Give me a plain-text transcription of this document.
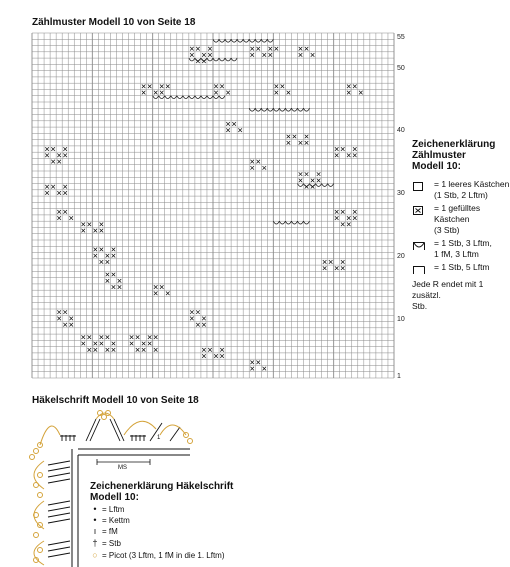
Zählmuster Modell 10 von Seite 18
55
50
40
30
20
10
1
Zeichenerklärung
Zählmuster
Modell 10:
= 1 leeres Kästchen
(1 Stb, 2 Lftm)
= 1 gefülltes Kästchen
(3 Stb)
= 1 Stb, 3 Lftm,
1 fM, 3 Lftm
= 1 Stb, 5 Lftm
Jede R endet mit 1 zusätzl.
Stb.
Häkelschrift Modell 10 von Seite 18
MS
1
Zeichenerklärung Häkelschrift
Modell 10:
• = Lftm
• = Kettm
ı = fM
† = Stb
○ = Picot (3 Lftm, 1 fM in die 1. Lftm)
